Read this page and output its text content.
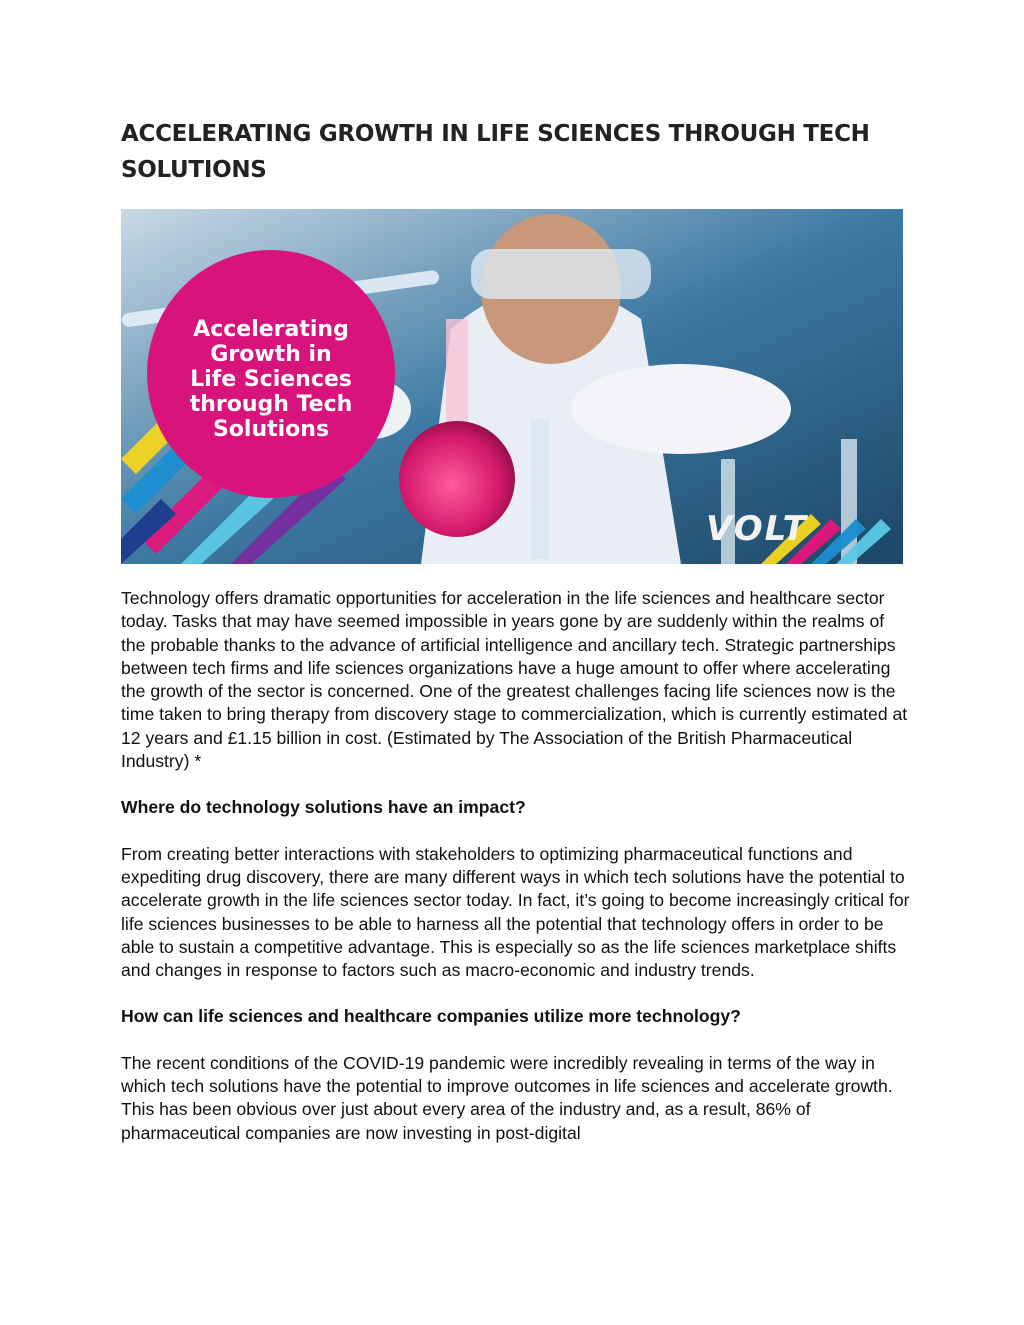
ACCELERATING GROWTH IN LIFE SCIENCES THROUGH TECH SOLUTIONS
Accelerating
Growth in
Life Sciences
through Tech
Solutions
VOLT

Technology offers dramatic opportunities for acceleration in the life sciences and healthcare sector today. Tasks that may have seemed impossible in years gone by are suddenly within the realms of the probable thanks to the advance of artificial intelligence and ancillary tech. Strategic partnerships between tech firms and life sciences organizations have a huge amount to offer where accelerating the growth of the sector is concerned. One of the greatest challenges facing life sciences now is the time taken to bring therapy from discovery stage to commercialization, which is currently estimated at 12 years and £1.15 billion in cost. (Estimated by The Association of the British Pharmaceutical Industry) *

Where do technology solutions have an impact?

From creating better interactions with stakeholders to optimizing pharmaceutical functions and expediting drug discovery, there are many different ways in which tech solutions have the potential to accelerate growth in the life sciences sector today. In fact, it’s going to become increasingly critical for life sciences businesses to be able to harness all the potential that technology offers in order to be able to sustain a competitive advantage. This is especially so as the life sciences marketplace shifts and changes in response to factors such as macro-economic and industry trends.

How can life sciences and healthcare companies utilize more technology?

The recent conditions of the COVID-19 pandemic were incredibly revealing in terms of the way in which tech solutions have the potential to improve outcomes in life sciences and accelerate growth. This has been obvious over just about every area of the industry and, as a result, 86% of pharmaceutical companies are now investing in post-digital
